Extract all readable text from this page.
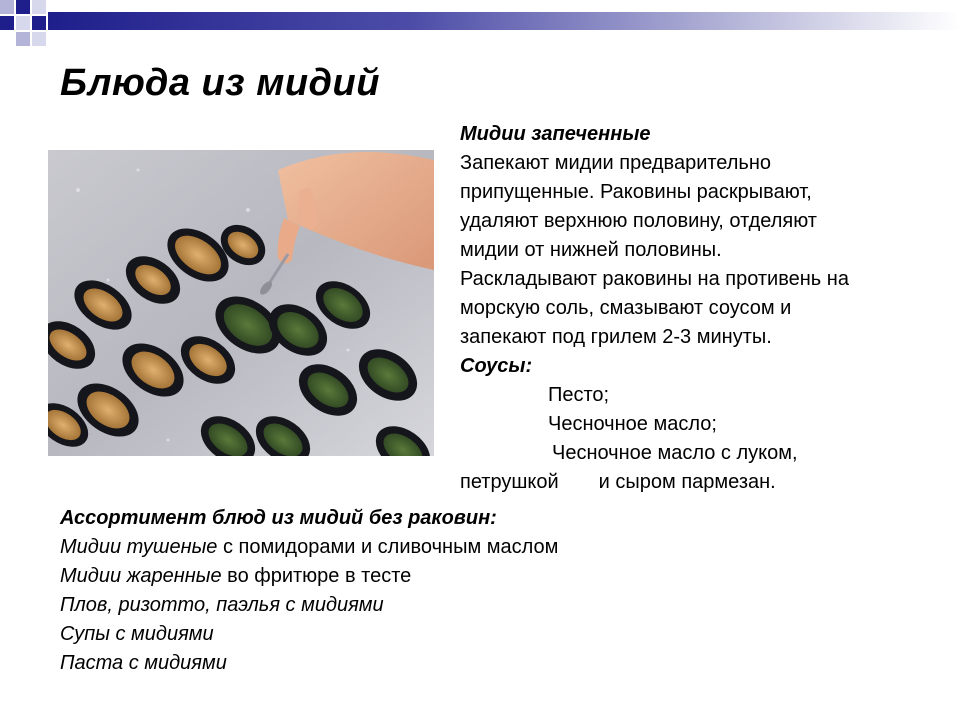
Блюда из мидий
Мидии запеченные
Запекают мидии предварительно
припущенные. Раковины раскрывают,
удаляют верхнюю половину, отделяют
мидии от нижней половины.
Раскладывают раковины на противень на
морскую соль, смазывают соусом и
запекают под грилем 2-3 минуты.
Соусы:
Песто;
Чесночное масло;
Чесночное масло с луком,
петрушкой и сыром пармезан.
Ассортимент блюд из мидий без раковин:
Мидии тушеные с помидорами и сливочным маслом
Мидии жаренные во фритюре в тесте
Плов, ризотто, паэлья с мидиями
Супы с мидиями
Паста с мидиями
